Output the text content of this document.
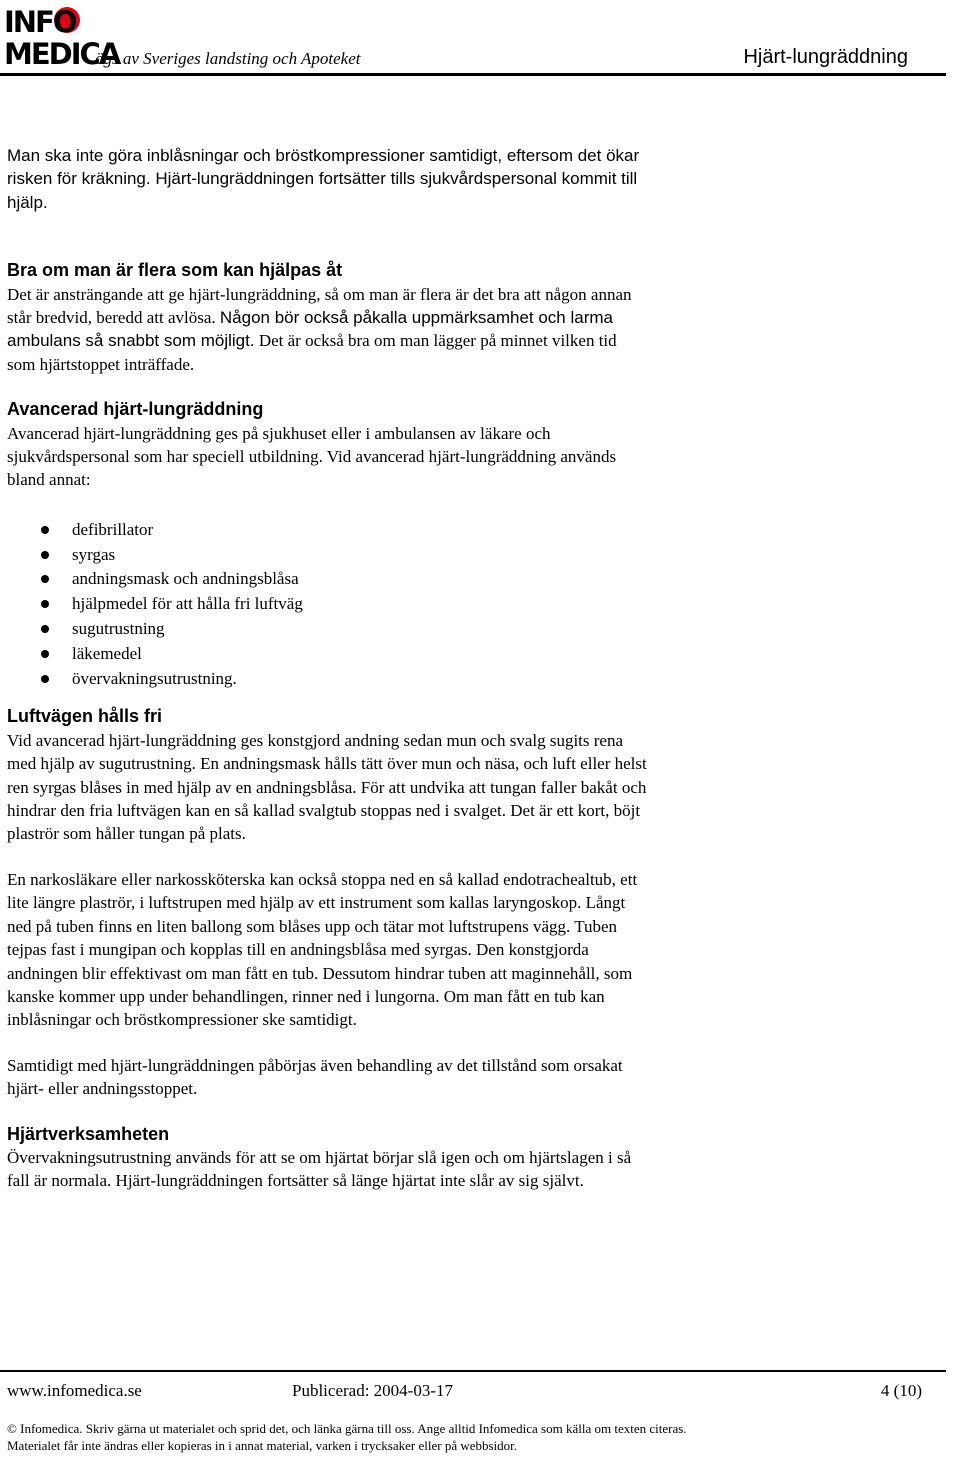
INFO
MEDICA
ägs av Sveriges landsting och Apoteket	Hjärt-lungräddning

Man ska inte göra inblåsningar och bröstkompressioner samtidigt, eftersom det ökar risken för kräkning. Hjärt-lungräddningen fortsätter tills sjukvårdspersonal kommit till hjälp.

Bra om man är flera som kan hjälpas åt

Det är ansträngande att ge hjärt-lungräddning, så om man är flera är det bra att någon annan står bredvid, beredd att avlösa. Någon bör också påkalla uppmärksamhet och larma ambulans så snabbt som möjligt. Det är också bra om man lägger på minnet vilken tid som hjärtstoppet inträffade.

Avancerad hjärt-lungräddning

Avancerad hjärt-lungräddning ges på sjukhuset eller i ambulansen av läkare och sjukvårdspersonal som har speciell utbildning. Vid avancerad hjärt-lungräddning används bland annat:

defibrillator
syrgas
andningsmask och andningsblåsa
hjälpmedel för att hålla fri luftväg
sugutrustning
läkemedel
övervakningsutrustning.

Luftvägen hålls fri

Vid avancerad hjärt-lungräddning ges konstgjord andning sedan mun och svalg sugits rena med hjälp av sugutrustning. En andningsmask hålls tätt över mun och näsa, och luft eller helst ren syrgas blåses in med hjälp av en andningsblåsa. För att undvika att tungan faller bakåt och hindrar den fria luftvägen kan en så kallad svalgtub stoppas ned i svalget. Det är ett kort, böjt plaströr som håller tungan på plats.

En narkosläkare eller narkossköterska kan också stoppa ned en så kallad endotrachealtub, ett lite längre plaströr, i luftstrupen med hjälp av ett instrument som kallas laryngoskop. Långt ned på tuben finns en liten ballong som blåses upp och tätar mot luftstrupens vägg. Tuben tejpas fast i mungipan och kopplas till en andningsblåsa med syrgas. Den konstgjorda andningen blir effektivast om man fått en tub. Dessutom hindrar tuben att maginnehåll, som kanske kommer upp under behandlingen, rinner ned i lungorna. Om man fått en tub kan inblåsningar och bröstkompressioner ske samtidigt.

Samtidigt med hjärt-lungräddningen påbörjas även behandling av det tillstånd som orsakat hjärt- eller andningsstoppet.

Hjärtverksamheten

Övervakningsutrustning används för att se om hjärtat börjar slå igen och om hjärtslagen i så fall är normala. Hjärt-lungräddningen fortsätter så länge hjärtat inte slår av sig självt.

www.infomedica.se	Publicerad: 2004-03-17	4 (10)
© Infomedica. Skriv gärna ut materialet och sprid det, och länka gärna till oss. Ange alltid Infomedica som källa om texten citeras.
Materialet får inte ändras eller kopieras in i annat material, varken i trycksaker eller på webbsidor.
